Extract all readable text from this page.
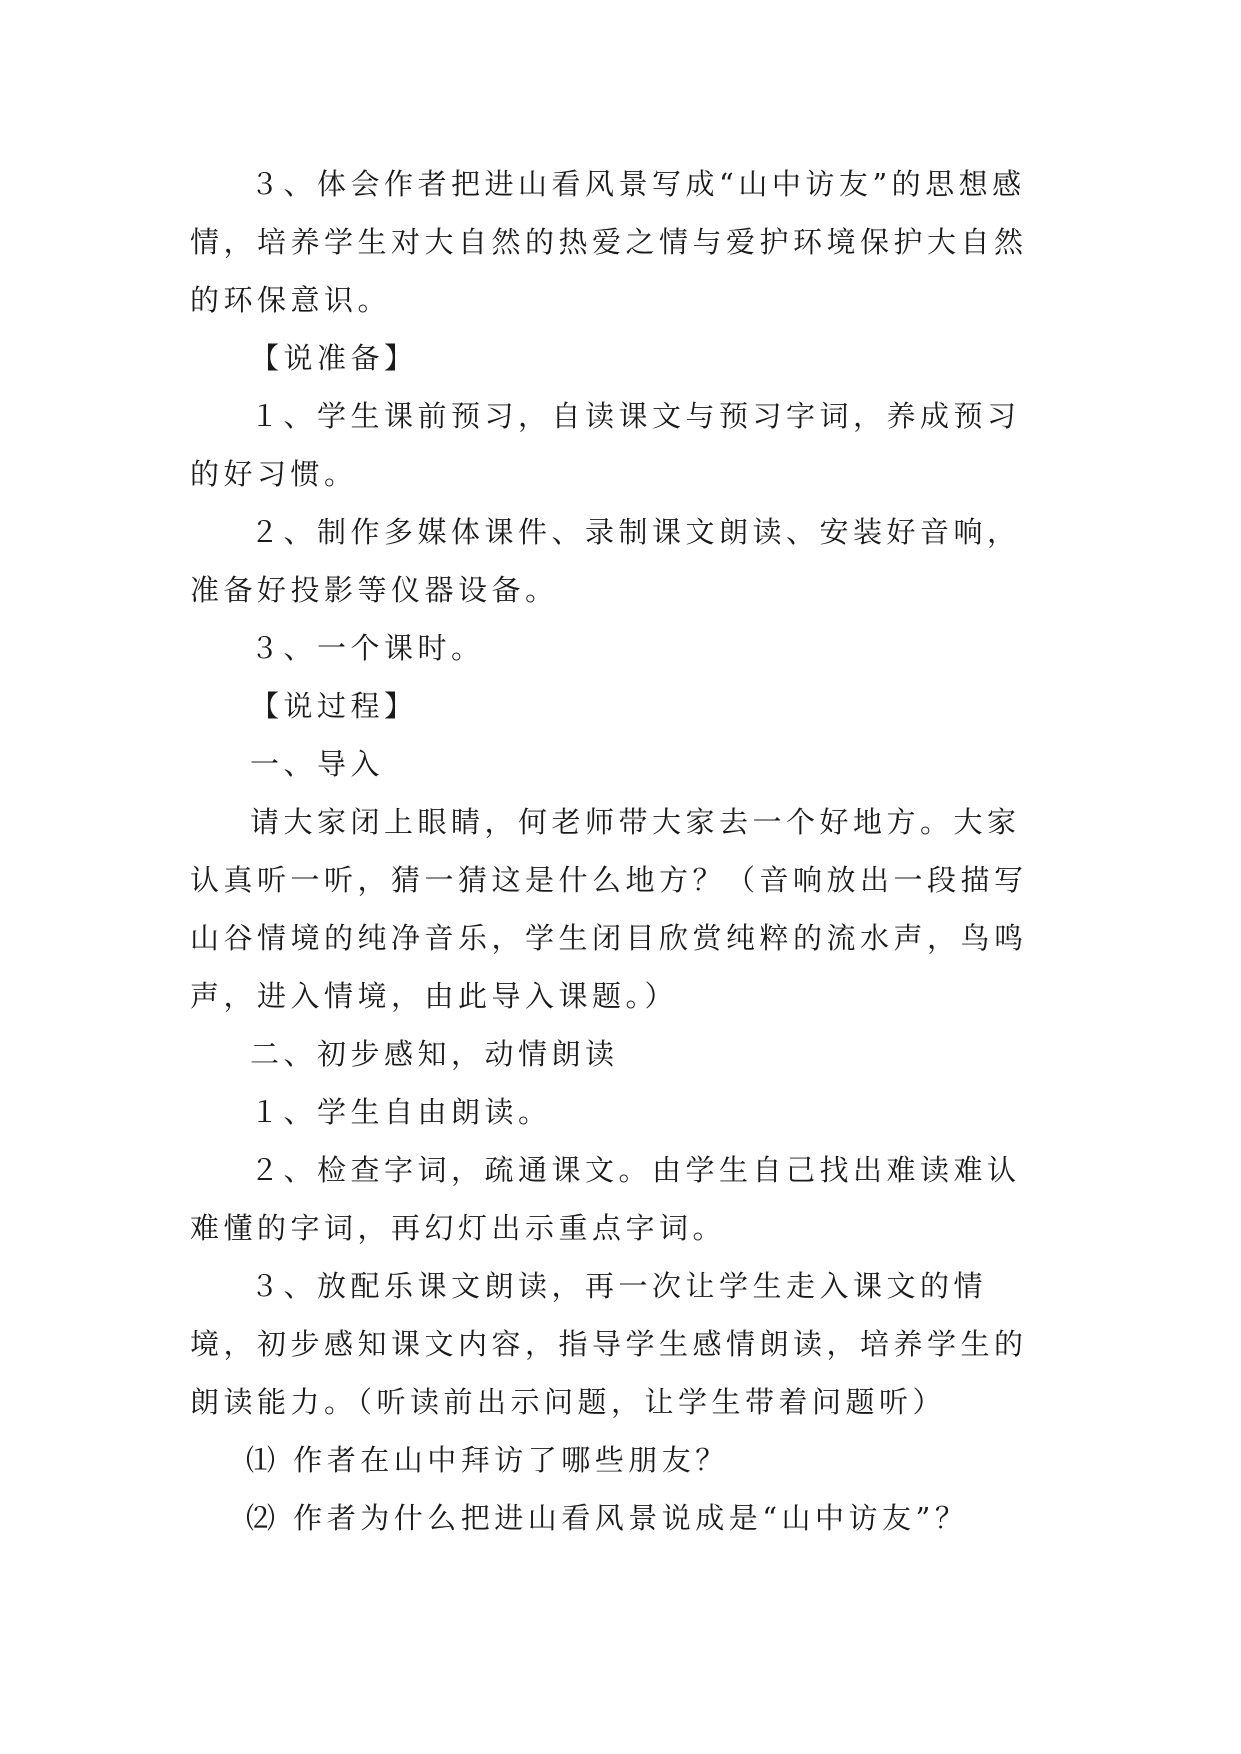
３、体会作者把进山看风景写成“山中访友”的思想感情，培养学生对大自然的热爱之情与爱护环境保护大自然的环保意识。

【说准备】

１、学生课前预习，自读课文与预习字词，养成预习的好习惯。

２、制作多媒体课件、录制课文朗读、安装好音响，准备好投影等仪器设备。

３、一个课时。

【说过程】

一、导入

请大家闭上眼睛，何老师带大家去一个好地方。大家认真听一听，猜一猜这是什么地方？（音响放出一段描写山谷情境的纯净音乐，学生闭目欣赏纯粹的流水声，鸟鸣声，进入情境，由此导入课题。）

二、初步感知，动情朗读

１、学生自由朗读。

２、检查字词，疏通课文。由学生自己找出难读难认难懂的字词，再幻灯出示重点字词。

３、放配乐课文朗读，再一次让学生走入课文的情境，初步感知课文内容，指导学生感情朗读，培养学生的朗读能力。（听读前出示问题，让学生带着问题听）

⑴ 作者在山中拜访了哪些朋友？

⑵ 作者为什么把进山看风景说成是“山中访友”？
